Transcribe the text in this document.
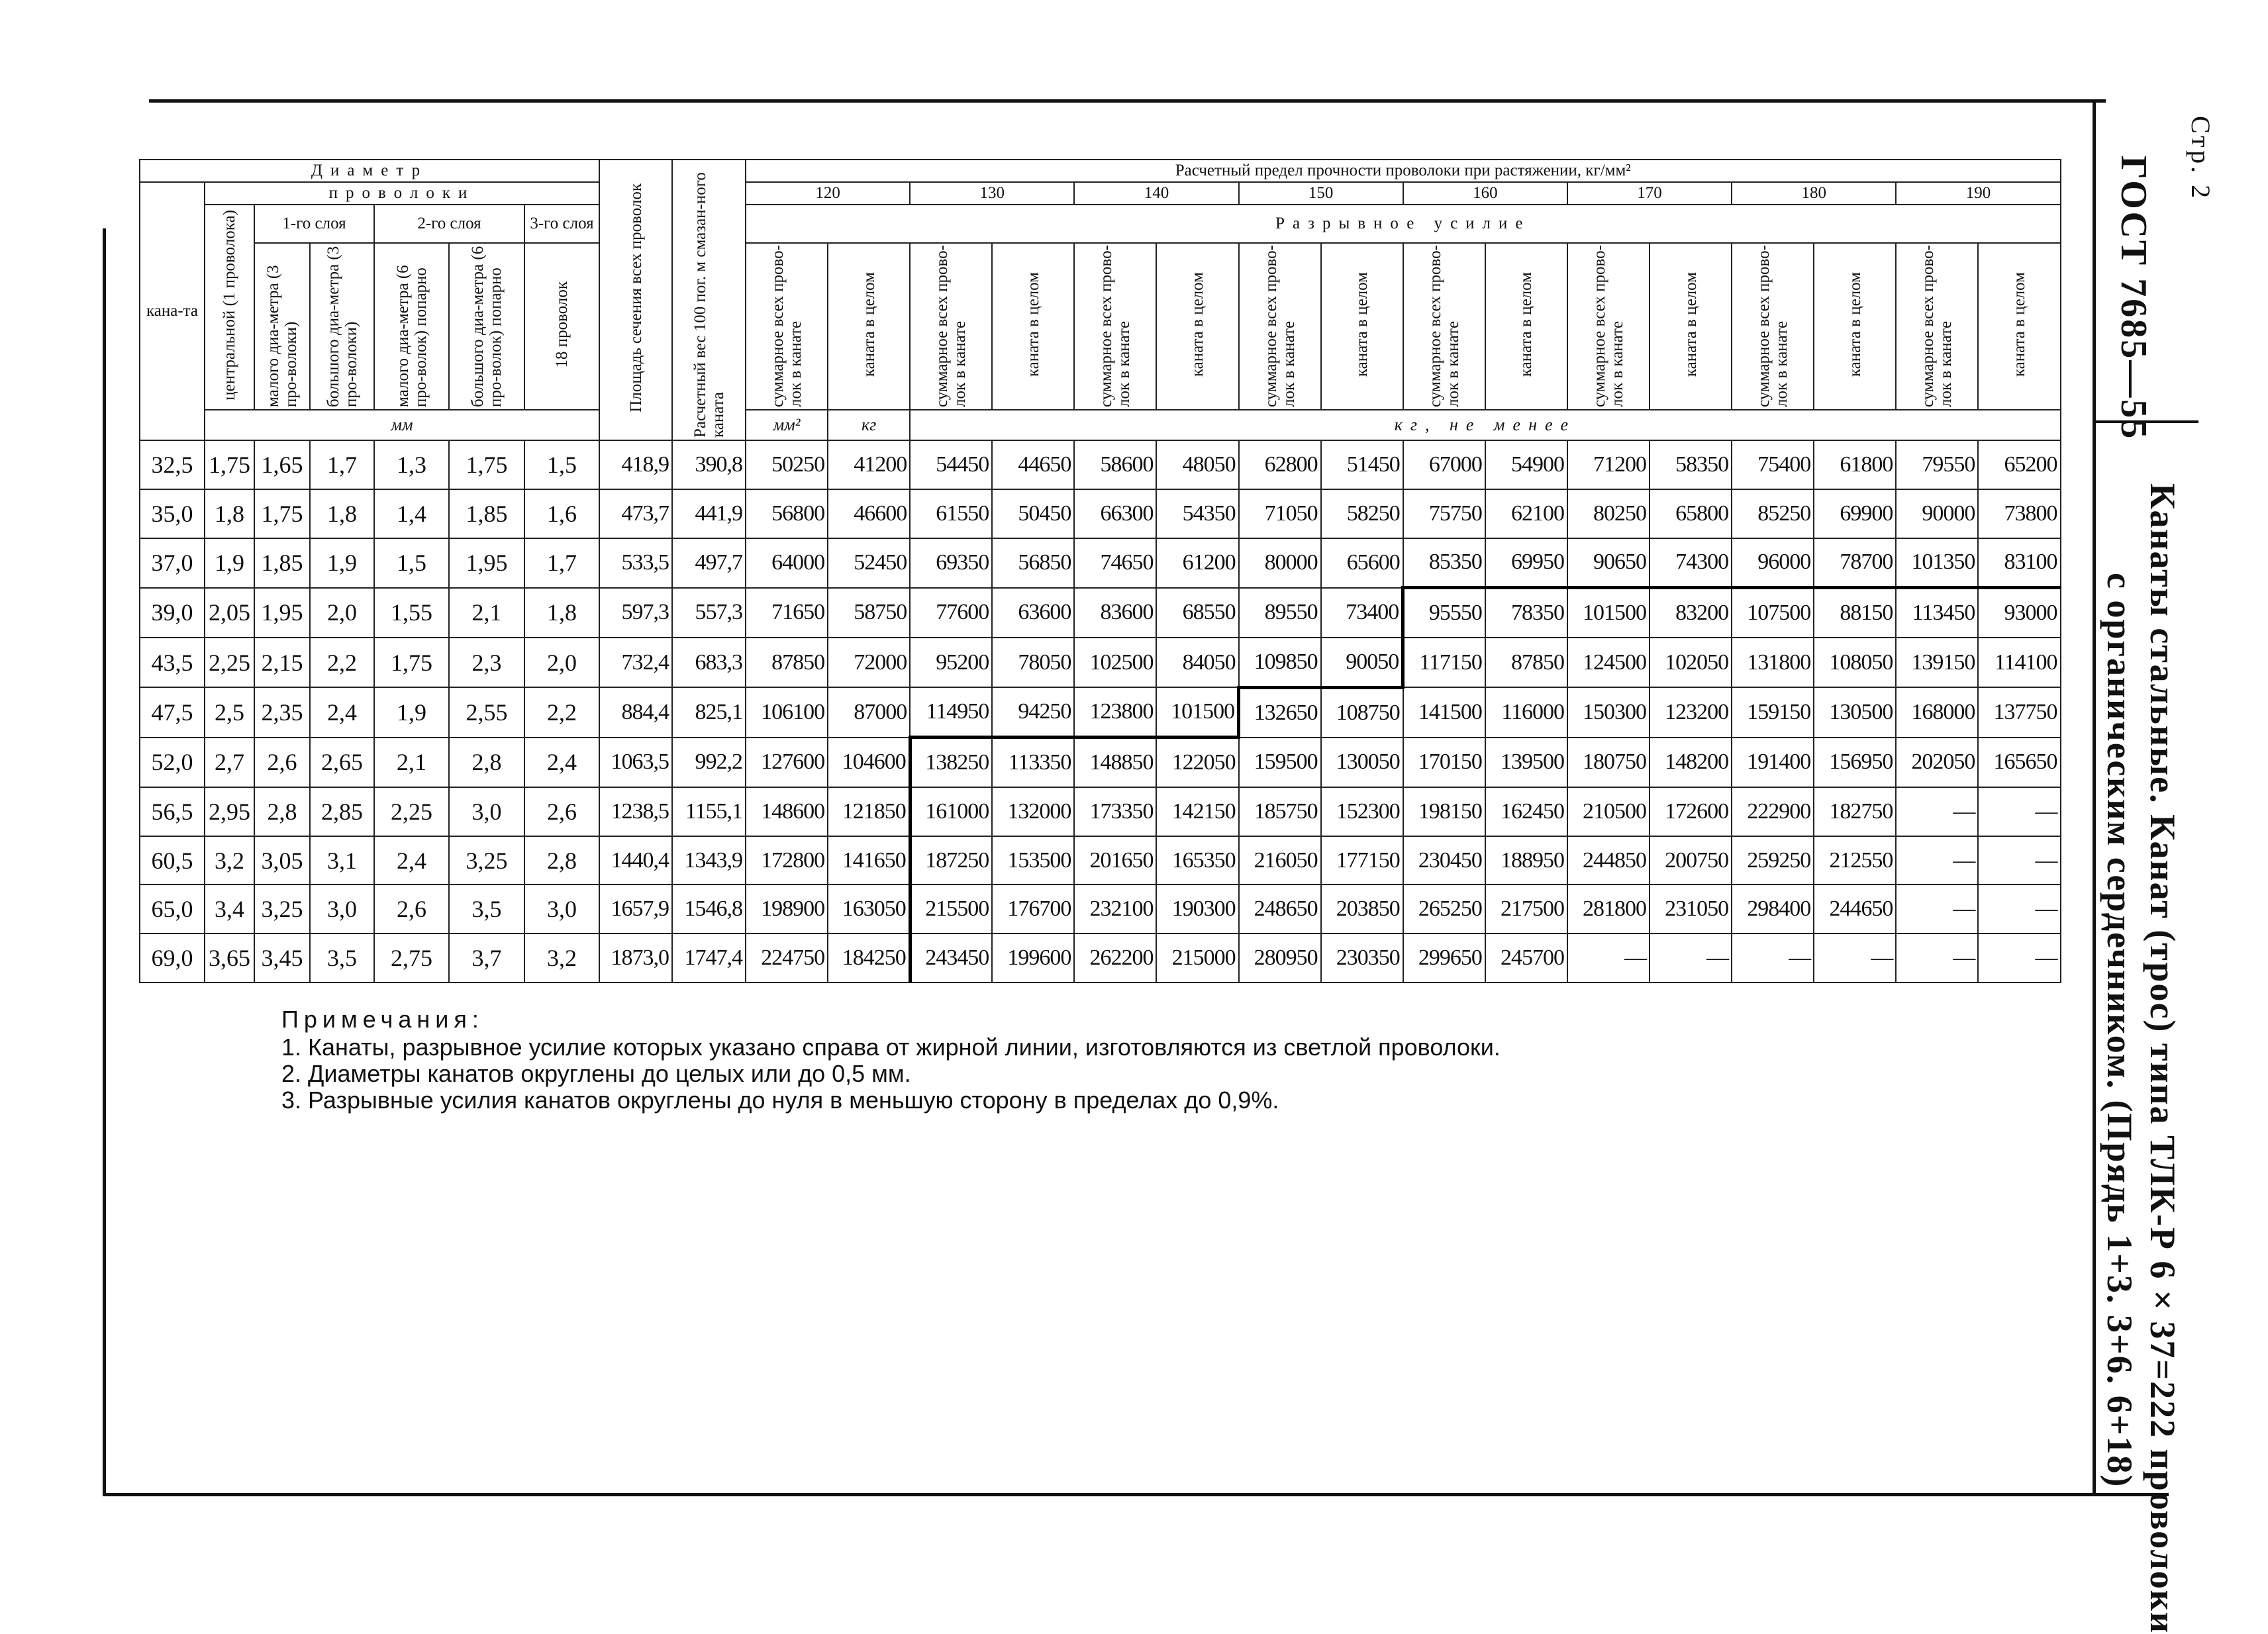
Стр. 2
ГОСТ 7685—55
Канаты стальные. Канат (трос) типа ТЛК-Р 6×37=222 проволоки
с органическим сердечником. (Прядь 1+3. 3+6. 6+18)
Диаметр							Площадь сечения всех проволок	Расчетный вес 100 пог. м смазан-ного каната	Расчетный предел прочности проволоки при растяжении, кг/мм²															
кана-та	проволоки								120		130		140		150		160		170		180		190	
	центральной (1 проволока)	1-го слоя		2-го слоя		3-го слоя			Разрывное усилие															
		малого диа-метра (3 про-волоки)	большого диа-метра (3 про-волоки)	малого диа-метра (6 про-волок) попарно	большого диа-метра (6 про-волок) попарно	18 проволок			суммарное всех прово-лок в канате	каната в целом	суммарное всех прово-лок в канате	каната в целом	суммарное всех прово-лок в канате	каната в целом	суммарное всех прово-лок в канате	каната в целом	суммарное всех прово-лок в канате	каната в целом	суммарное всех прово-лок в канате	каната в целом	суммарное всех прово-лок в канате	каната в целом	суммарное всех прово-лок в канате	каната в целом
	мм								мм²	кг	кг, не менее													
32,5	1,75	1,65	1,7	1,3	1,75	1,5	418,9	390,8	50250	41200	54450	44650	58600	48050	62800	51450	67000	54900	71200	58350	75400	61800	79550	65200
35,0	1,8	1,75	1,8	1,4	1,85	1,6	473,7	441,9	56800	46600	61550	50450	66300	54350	71050	58250	75750	62100	80250	65800	85250	69900	90000	73800
37,0	1,9	1,85	1,9	1,5	1,95	1,7	533,5	497,7	64000	52450	69350	56850	74650	61200	80000	65600	85350	69950	90650	74300	96000	78700	101350	83100
39,0	2,05	1,95	2,0	1,55	2,1	1,8	597,3	557,3	71650	58750	77600	63600	83600	68550	89550	73400	95550	78350	101500	83200	107500	88150	113450	93000
43,5	2,25	2,15	2,2	1,75	2,3	2,0	732,4	683,3	87850	72000	95200	78050	102500	84050	109850	90050	117150	87850	124500	102050	131800	108050	139150	114100
47,5	2,5	2,35	2,4	1,9	2,55	2,2	884,4	825,1	106100	87000	114950	94250	123800	101500	132650	108750	141500	116000	150300	123200	159150	130500	168000	137750
52,0	2,7	2,6	2,65	2,1	2,8	2,4	1063,5	992,2	127600	104600	138250	113350	148850	122050	159500	130050	170150	139500	180750	148200	191400	156950	202050	165650
56,5	2,95	2,8	2,85	2,25	3,0	2,6	1238,5	1155,1	148600	121850	161000	132000	173350	142150	185750	152300	198150	162450	210500	172600	222900	182750	—	—
60,5	3,2	3,05	3,1	2,4	3,25	2,8	1440,4	1343,9	172800	141650	187250	153500	201650	165350	216050	177150	230450	188950	244850	200750	259250	212550	—	—
65,0	3,4	3,25	3,0	2,6	3,5	3,0	1657,9	1546,8	198900	163050	215500	176700	232100	190300	248650	203850	265250	217500	281800	231050	298400	244650	—	—
69,0	3,65	3,45	3,5	2,75	3,7	3,2	1873,0	1747,4	224750	184250	243450	199600	262200	215000	280950	230350	299650	245700	—	—	—	—	—	—
Примечания:
1. Канаты, разрывное усилие которых указано справа от жирной линии, изготовляются из светлой проволоки.
2. Диаметры канатов округлены до целых или до 0,5 мм.
3. Разрывные усилия канатов округлены до нуля в меньшую сторону в пределах до 0,9%.
